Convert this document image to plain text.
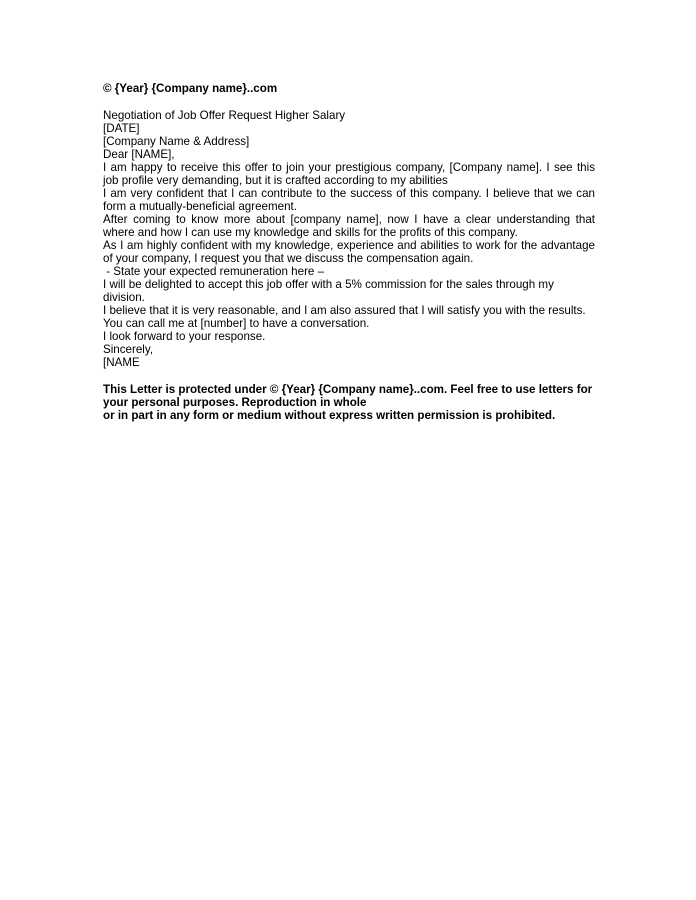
© {Year} {Company name}..com

Negotiation of Job Offer Request Higher Salary

[DATE]

[Company Name & Address]

Dear [NAME],

I am happy to receive this offer to join your prestigious company, [Company name]. I see this job profile very demanding, but it is crafted according to my abilities

I am very confident that I can contribute to the success of this company. I believe that we can form a mutually-beneficial agreement.

After coming to know more about [company name], now I have a clear understanding that where and how I can use my knowledge and skills for the profits of this company.

As I am highly confident with my knowledge, experience and abilities to work for the advantage of your company, I request you that we discuss the compensation again.

- State your expected remuneration here –

I will be delighted to accept this job offer with a 5% commission for the sales through my division.

I believe that it is very reasonable, and I am also assured that I will satisfy you with the results.

You can call me at [number] to have a conversation.

I look forward to your response.

Sincerely,

[NAME

This Letter is protected under © {Year} {Company name}..com. Feel free to use letters for your personal purposes. Reproduction in whole

or in part in any form or medium without express written permission is prohibited.
